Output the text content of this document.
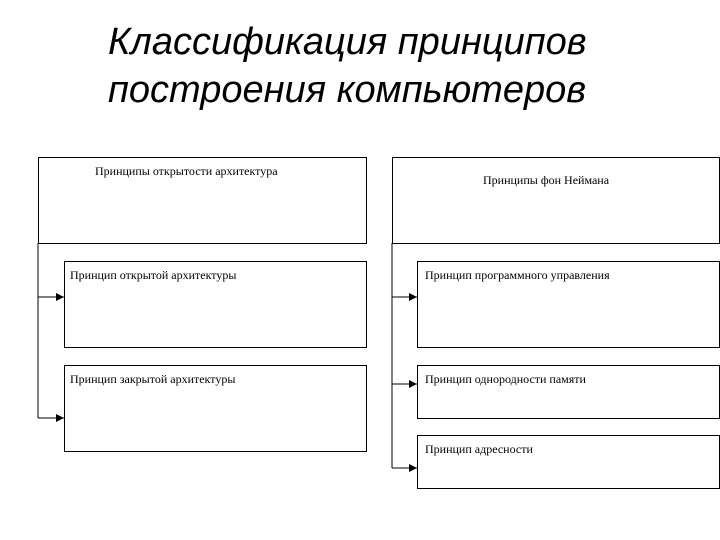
Классификация принципов
построения компьютеров
Принципы открытости архитектура
Принцип открытой архитектуры
Принцип закрытой архитектуры
Принципы фон Неймана
Принцип программного управления
Принцип однородности памяти
Принцип адресности
